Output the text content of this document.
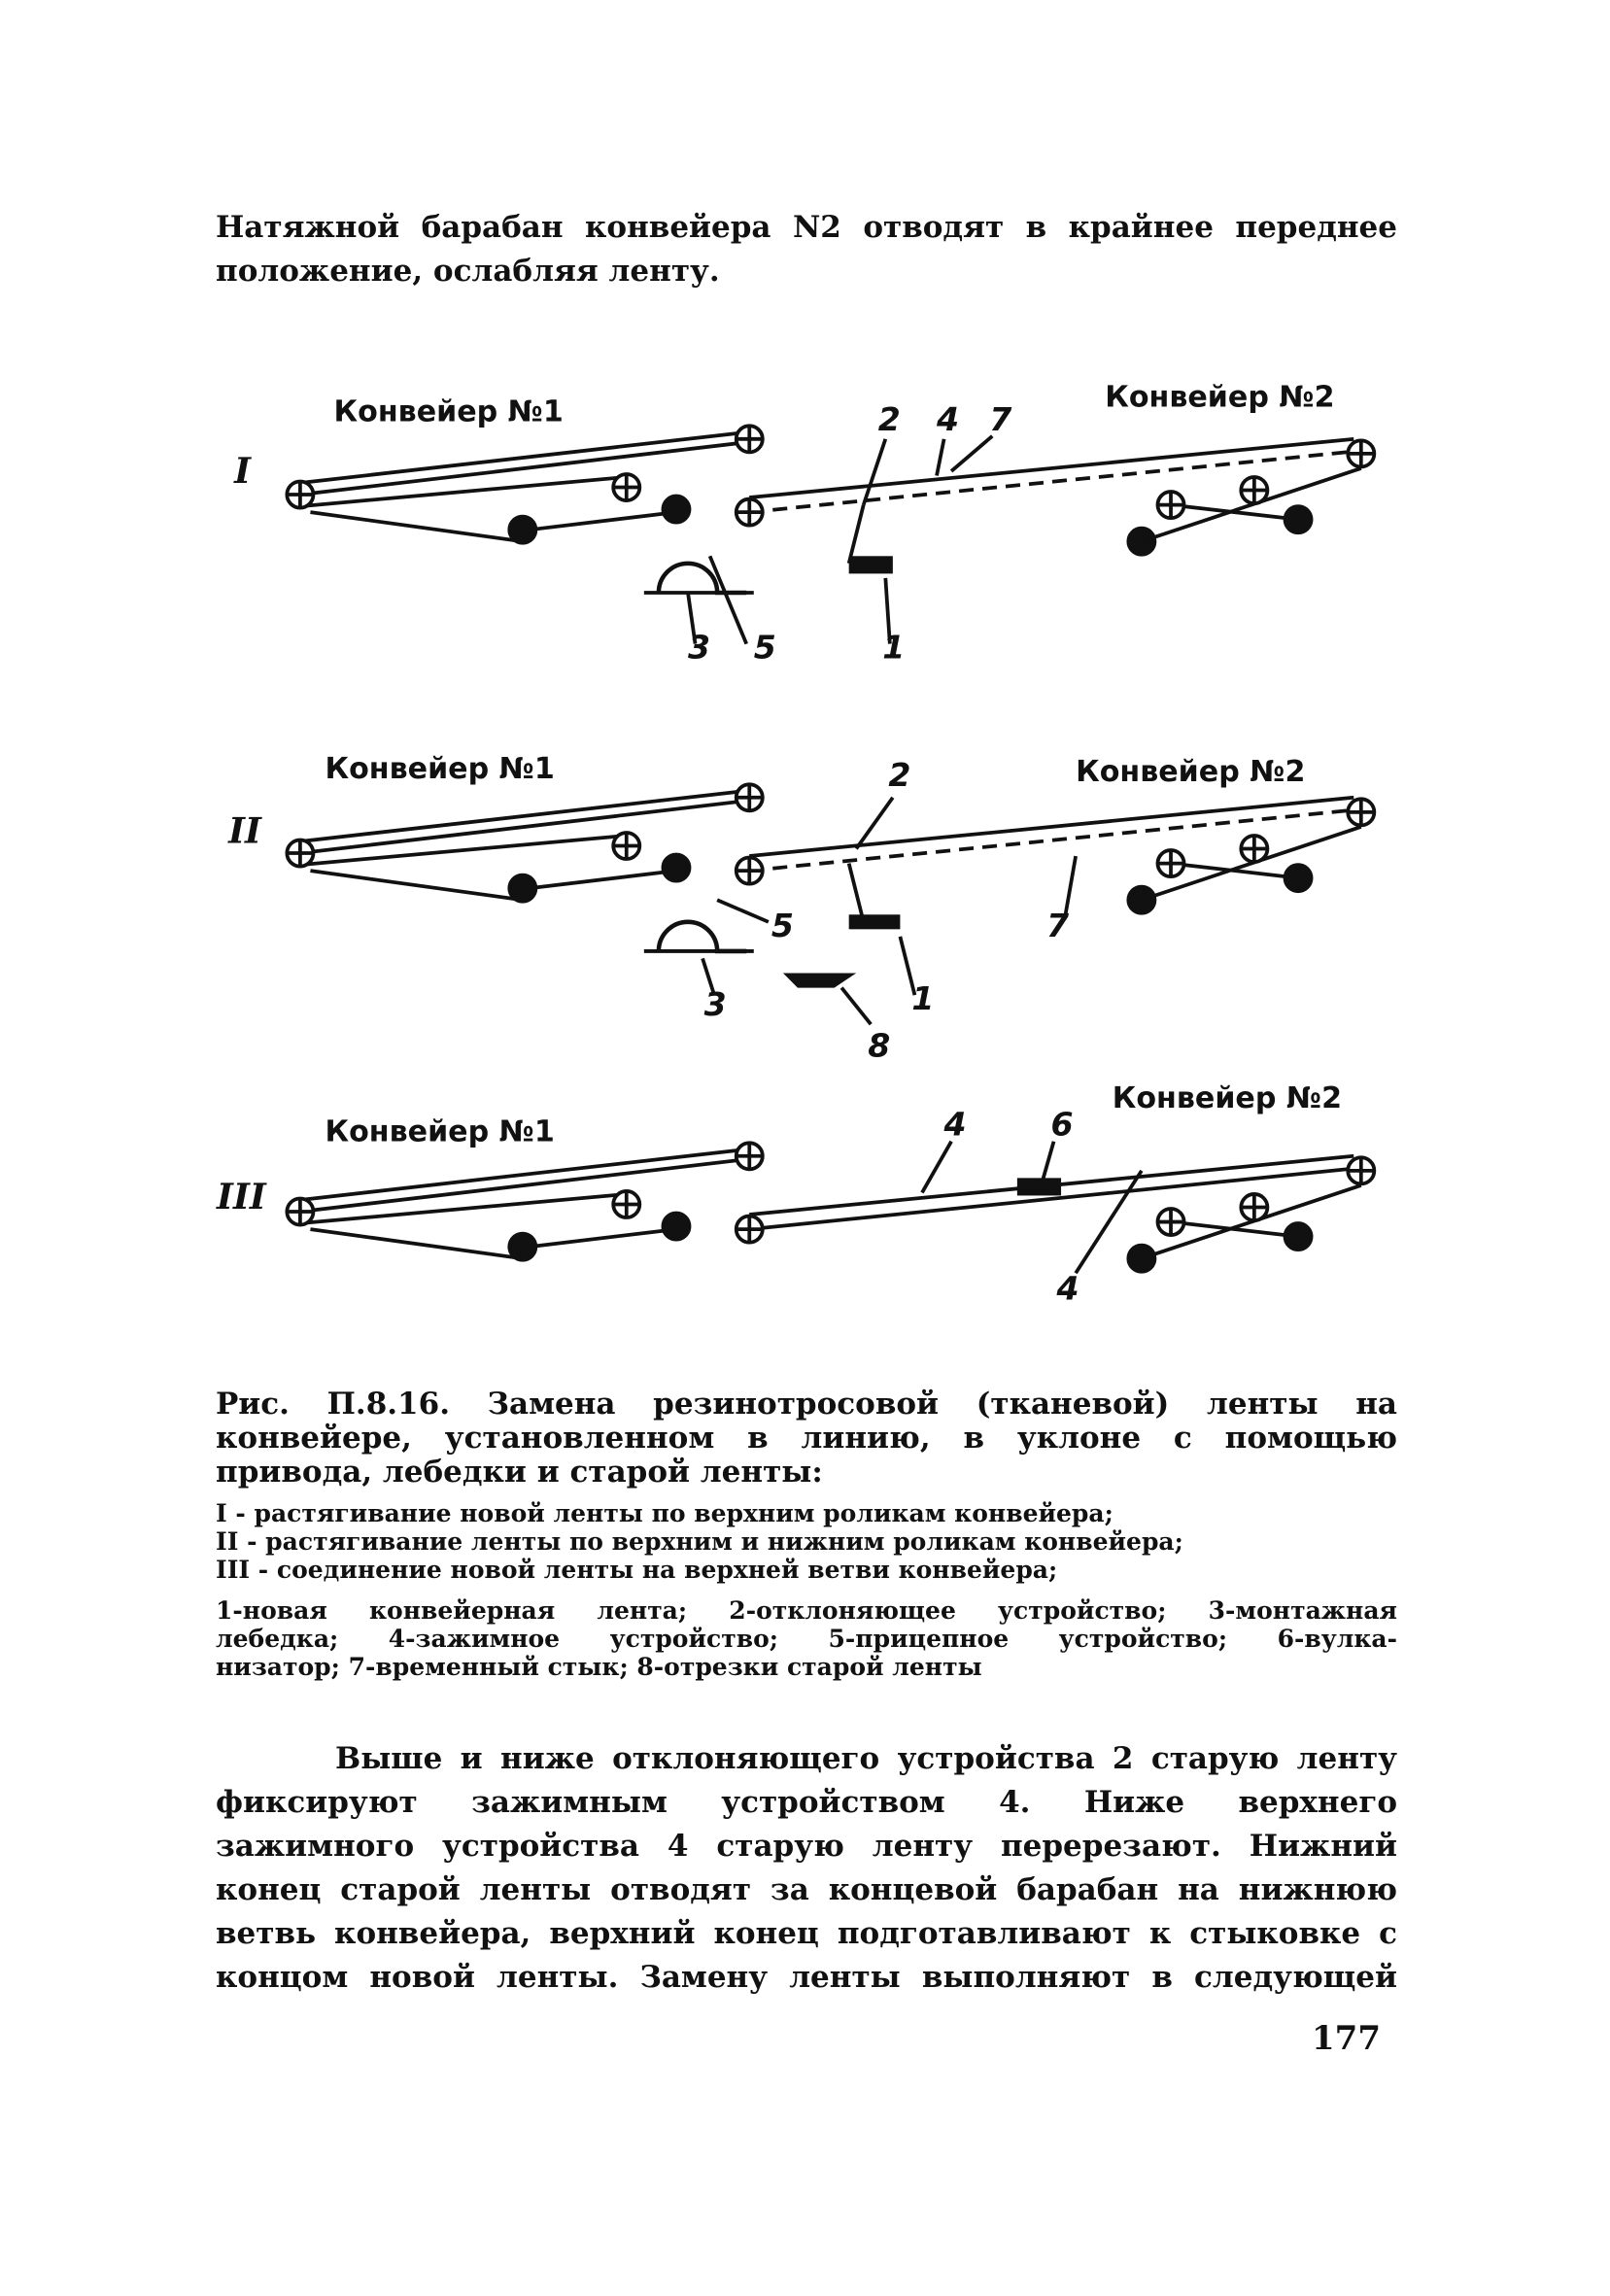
Натяжной барабан конвейера N2 отводят в крайнее переднее
положение, ослабляя ленту.
Конвейер №1	Конвейер №2
I
2 4 7
3 5	1
Конвейер №1	Конвейер №2
II
2
5	7
3	1
8
Конвейер №1
Конвейер №2
III
4	6
4
Рис. П.8.16. Замена резинотросовой (тканевой) ленты на
конвейере, установленном в линию, в уклоне с помощью
привода, лебедки и старой ленты:
I - растягивание новой ленты по верхним роликам конвейера;
II - растягивание ленты по верхним и нижним роликам конвейера;
III - соединение новой ленты на верхней ветви конвейера;
1-новая конвейерная лента; 2-отклоняющее устройство; 3-монтажная
лебедка; 4-зажимное устройство; 5-прицепное устройство; 6-вулка-
низатор; 7-временный стык; 8-отрезки старой ленты
Выше и ниже отклоняющего устройства 2 старую ленту
фиксируют зажимным устройством 4. Ниже верхнего
зажимного устройства 4 старую ленту перерезают. Нижний
конец старой ленты отводят за концевой барабан на нижнюю
ветвь конвейера, верхний конец подготавливают к стыковке с
концом новой ленты. Замену ленты выполняют в следующей
177
